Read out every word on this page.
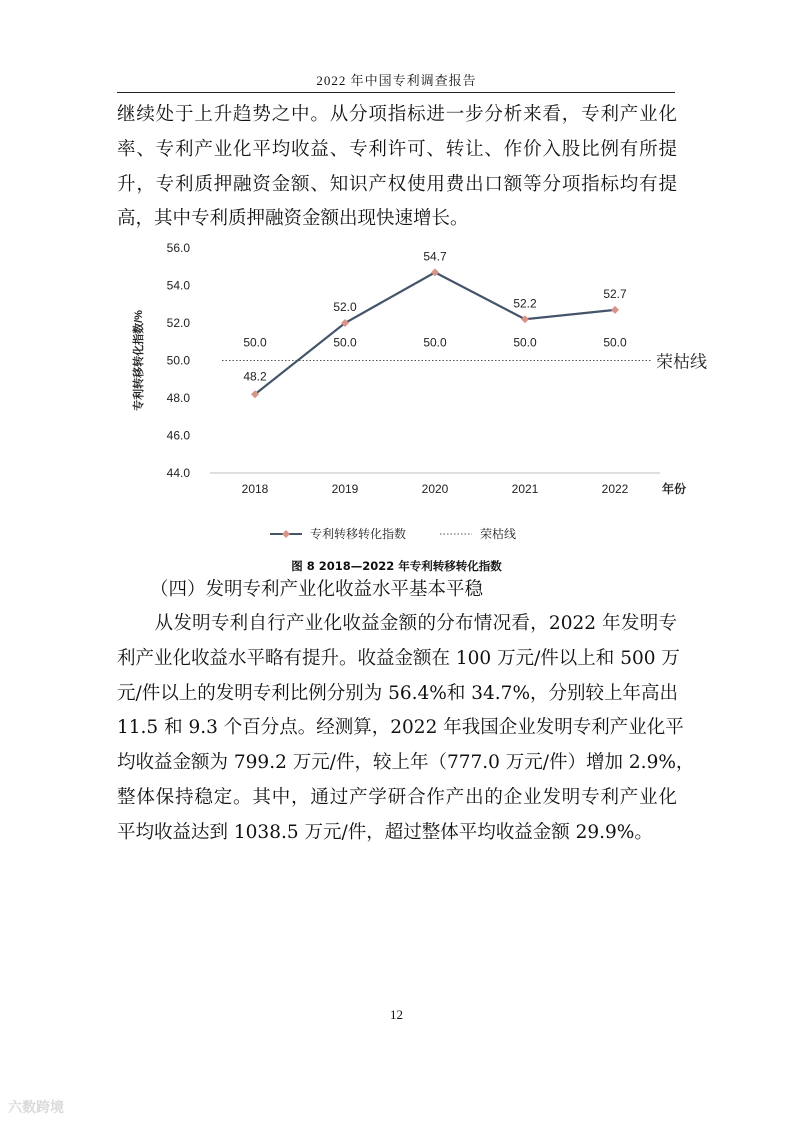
2022 年中国专利调查报告

继续处于上升趋势之中。从分项指标进一步分析来看，专利产业化
率、专利产业化平均收益、专利许可、转让、作价入股比例有所提
升，专利质押融资金额、知识产权使用费出口额等分项指标均有提
高，其中专利质押融资金额出现快速增长。

44.0
46.0
48.0
50.0
52.0
54.0
56.0
专利转移转化指数/%
2018	2019	2020	2021	2022	年份
荣枯线
50.0	50.0	50.0	50.0	50.0
48.2
52.0
54.7
52.2
52.7
专利转移转化指数	荣枯线
图 8 2018—2022 年专利转移转化指数
（四）发明专利产业化收益水平基本平稳

　　从发明专利自行产业化收益金额的分布情况看，2022 年发明专
利产业化收益水平略有提升。收益金额在 100 万元/件以上和 500 万
元/件以上的发明专利比例分别为 56.4%和 34.7%，分别较上年高出
11.5 和 9.3 个百分点。经测算，2022 年我国企业发明专利产业化平
均收益金额为 799.2 万元/件，较上年（777.0 万元/件）增加 2.9%，
整体保持稳定。其中，通过产学研合作产出的企业发明专利产业化
平均收益达到 1038.5 万元/件，超过整体平均收益金额 29.9%。

12
六数跨境
